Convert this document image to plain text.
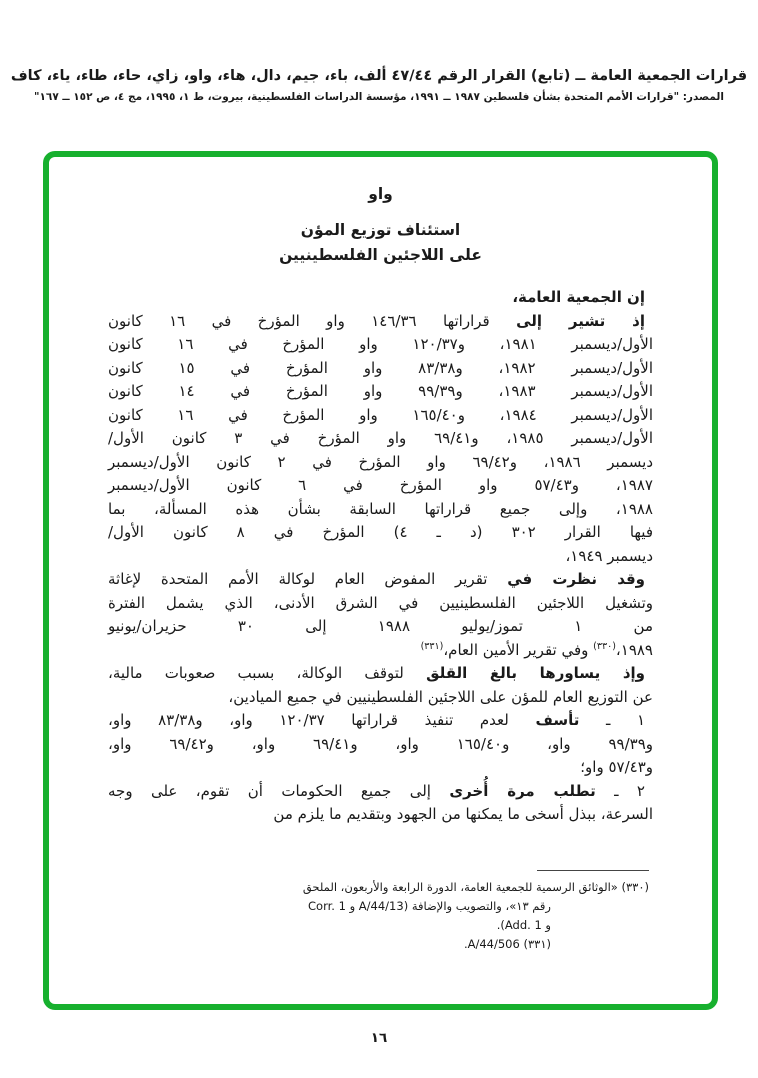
قرارات الجمعية العامة ــ (تابع) القرار الرقم ٤٧/٤٤ ألف، باء، جيم، دال، هاء، واو، زاي، حاء، طاء، ياء، كاف
المصدر: "قرارات الأمم المتحدة بشأن فلسطين ١٩٨٧ ــ ١٩٩١، مؤسسة الدراسات الفلسطينية، بيروت، ط ١، ١٩٩٥، مج ٤، ص ١٥٢ ــ ١٦٧"
واو
استئناف توزيع المؤن
على اللاجئين الفلسطينيين
إن الجمعية العامة،
إذ تشير إلى قراراتها ١٤٦/٣٦ واو المؤرخ في ١٦ كانون
الأول/ديسمبر ١٩٨١، و١٢٠/٣٧ واو المؤرخ في ١٦ كانون
الأول/ديسمبر ١٩٨٢، و٨٣/٣٨ واو المؤرخ في ١٥ كانون
الأول/ديسمبر ١٩٨٣، و٩٩/٣٩ واو المؤرخ في ١٤ كانون
الأول/ديسمبر ١٩٨٤، و١٦٥/٤٠ واو المؤرخ في ١٦ كانون
الأول/ديسمبر ١٩٨٥، و٦٩/٤١ واو المؤرخ في ٣ كانون الأول/
ديسمبر ١٩٨٦، و٦٩/٤٢ واو المؤرخ في ٢ كانون الأول/ديسمبر
١٩٨٧، و٥٧/٤٣ واو المؤرخ في ٦ كانون الأول/ديسمبر
١٩٨٨، وإلى جميع قراراتها السابقة بشأن هذه المسألة، بما
فيها القرار ٣٠٢ (د ـ ٤) المؤرخ في ٨ كانون الأول/
ديسمبر ١٩٤٩،
وقد نظرت في تقرير المفوض العام لوكالة الأمم المتحدة لإغاثة
وتشغيل اللاجئين الفلسطينيين في الشرق الأدنى، الذي يشمل الفترة
من ١ تموز/يوليو ١٩٨٨ إلى ٣٠ حزيران/يونيو
١٩٨٩،$^{(٣٣٠)}$ وفي تقرير الأمين العام،$^{(٣٣١)}$
وإذ يساورها بالغ القلق لتوقف الوكالة، بسبب صعوبات مالية،
عن التوزيع العام للمؤن على اللاجئين الفلسطينيين في جميع الميادين،
١ ـ تأسف لعدم تنفيذ قراراتها ١٢٠/٣٧ واو، و٨٣/٣٨ واو،
و٩٩/٣٩ واو، و١٦٥/٤٠ واو، و٦٩/٤١ واو، و٦٩/٤٢ واو،
و٥٧/٤٣ واو؛
٢ ـ تطلب مرة أُخرى إلى جميع الحكومات أن تقوم، على وجه
السرعة، ببذل أسخى ما يمكنها من الجهود وبتقديم ما يلزم من
(٣٣٠) «الوثائق الرسمية للجمعية العامة، الدورة الرابعة والأربعون، الملحق
رقم ١٣»، والتصويب والإضافة (A/44/13 و Corr. 1 و Add. 1).
(٣٣١) A/44/506.
١٦
